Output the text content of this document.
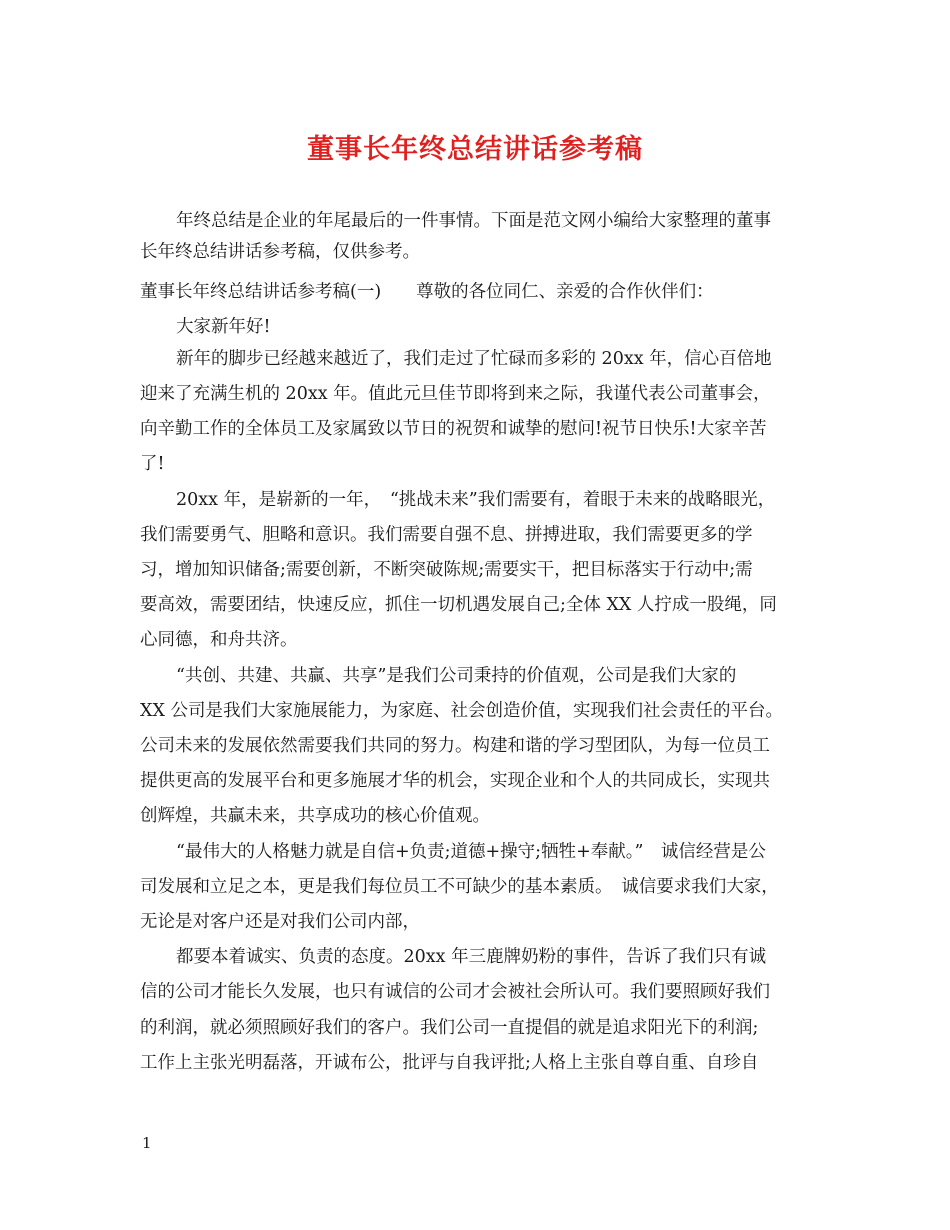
董事长年终总结讲话参考稿
年终总结是企业的年尾最后的一件事情。下面是范文网小编给大家整理的董事
长年终总结讲话参考稿，仅供参考。
董事长年终总结讲话参考稿(一)　　尊敬的各位同仁、亲爱的合作伙伴们：
大家新年好!
新年的脚步已经越来越近了，我们走过了忙碌而多彩的 20xx 年，信心百倍地
迎来了充满生机的 20xx 年。值此元旦佳节即将到来之际，我谨代表公司董事会，
向辛勤工作的全体员工及家属致以节日的祝贺和诚挚的慰问!祝节日快乐!大家辛苦
了!
20xx 年，是崭新的一年，　“挑战未来”我们需要有，着眼于未来的战略眼光，
我们需要勇气、胆略和意识。我们需要自强不息、拼搏进取，我们需要更多的学
习，增加知识储备;需要创新，不断突破陈规;需要实干，把目标落实于行动中;需
要高效，需要团结，快速反应，抓住一切机遇发展自己;全体 XX 人拧成一股绳，同
心同德，和舟共济。
“共创、共建、共赢、共享”是我们公司秉持的价值观，公司是我们大家的
XX 公司是我们大家施展能力，为家庭、社会创造价值，实现我们社会责任的平台。
公司未来的发展依然需要我们共同的努力。构建和谐的学习型团队，为每一位员工
提供更高的发展平台和更多施展才华的机会，实现企业和个人的共同成长，实现共
创辉煌，共赢未来，共享成功的核心价值观。
“最伟大的人格魅力就是自信+负责;道德+操守;牺牲+奉献。”　诚信经营是公
司发展和立足之本，更是我们每位员工不可缺少的基本素质。　诚信要求我们大家，
无论是对客户还是对我们公司内部，
都要本着诚实、负责的态度。20xx 年三鹿牌奶粉的事件，告诉了我们只有诚
信的公司才能长久发展，也只有诚信的公司才会被社会所认可。我们要照顾好我们
的利润，就必须照顾好我们的客户。我们公司一直提倡的就是追求阳光下的利润;
工作上主张光明磊落，开诚布公，批评与自我评批;人格上主张自尊自重、自珍自
1
